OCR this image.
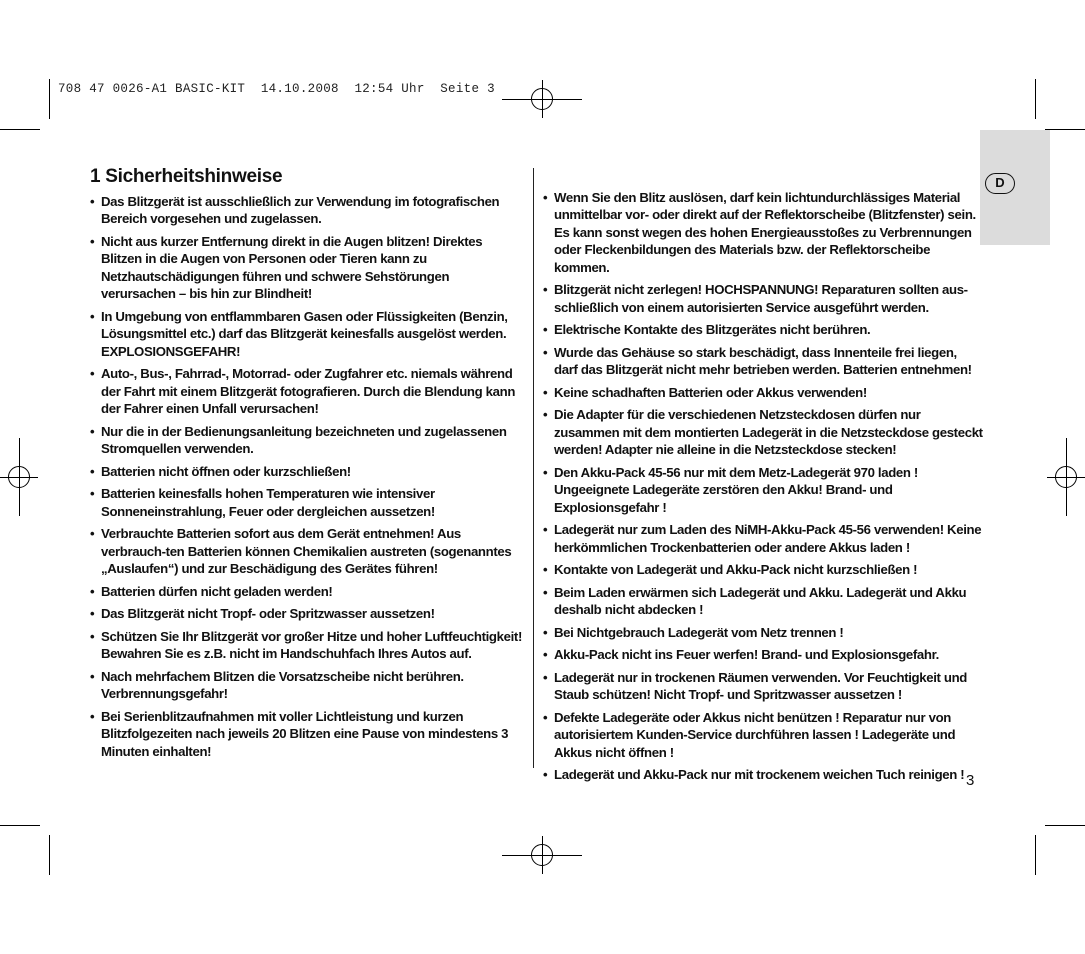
708 47 0026-A1 BASIC-KIT  14.10.2008  12:54 Uhr  Seite 3
D
1 Sicherheitshinweise
• Das Blitzgerät ist ausschließlich zur Verwendung im fotografischen Bereich vorgesehen und zugelassen.
• Nicht aus kurzer Entfernung direkt in die Augen blitzen! Direktes Blitzen in die Augen von Personen oder Tieren kann zu Netzhautschädigungen führen und schwere Sehstörungen verursachen – bis hin zur Blindheit!
• In Umgebung von entflammbaren Gasen oder Flüssigkeiten (Benzin, Lösungsmittel etc.) darf das Blitzgerät keinesfalls ausgelöst werden. EXPLOSIONSGEFAHR!
• Auto-, Bus-, Fahrrad-, Motorrad- oder Zugfahrer etc. niemals während der Fahrt mit einem Blitzgerät fotografieren. Durch die Blendung kann der Fahrer einen Unfall verursachen!
• Nur die in der Bedienungsanleitung bezeichneten und zugelassenen Stromquellen verwenden.
• Batterien nicht öffnen oder kurzschließen!
• Batterien keinesfalls hohen Temperaturen wie intensiver Sonneneinstrahlung, Feuer oder dergleichen aussetzen!
• Verbrauchte Batterien sofort aus dem Gerät entnehmen! Aus verbrauch-ten Batterien können Chemikalien austreten (sogenanntes „Auslaufen“) und zur Beschädigung des Gerätes führen!
• Batterien dürfen nicht geladen werden!
• Das Blitzgerät nicht Tropf- oder Spritzwasser aussetzen!
• Schützen Sie Ihr Blitzgerät vor großer Hitze und hoher Luftfeuchtigkeit! Bewahren Sie es z.B. nicht im Handschuhfach Ihres Autos auf.
• Nach mehrfachem Blitzen die Vorsatzscheibe nicht berühren. Verbrennungsgefahr!
• Bei Serienblitzaufnahmen mit voller Lichtleistung und kurzen Blitzfolgezeiten nach jeweils 20 Blitzen eine Pause von mindestens 3 Minuten einhalten!
• Wenn Sie den Blitz auslösen, darf kein lichtundurchlässiges Material unmittelbar vor- oder direkt auf der Reflektorscheibe (Blitzfenster) sein. Es kann sonst wegen des hohen Energieausstoßes zu Verbrennungen oder Fleckenbildungen des Materials bzw. der Reflektorscheibe kommen.
• Blitzgerät nicht zerlegen! HOCHSPANNUNG! Reparaturen sollten aus-schließlich von einem autorisierten Service ausgeführt werden.
• Elektrische Kontakte des Blitzgerätes nicht berühren.
• Wurde das Gehäuse so stark beschädigt, dass Innenteile frei liegen, darf das Blitzgerät nicht mehr betrieben werden. Batterien entnehmen!
• Keine schadhaften Batterien oder Akkus verwenden!
• Die Adapter für die verschiedenen Netzsteckdosen dürfen nur zusammen mit dem montierten Ladegerät in die Netzsteckdose gesteckt werden! Adapter nie alleine in die Netzsteckdose stecken!
• Den Akku-Pack 45-56 nur mit dem Metz-Ladegerät 970 laden ! Ungeeignete Ladegeräte zerstören den Akku! Brand- und Explosionsgefahr !
• Ladegerät nur zum Laden des NiMH-Akku-Pack 45-56 verwenden! Keine herkömmlichen Trockenbatterien oder andere Akkus laden !
• Kontakte von Ladegerät und Akku-Pack nicht kurzschließen !
• Beim Laden erwärmen sich Ladegerät und Akku. Ladegerät und Akku deshalb nicht abdecken !
• Bei Nichtgebrauch Ladegerät vom Netz trennen !
• Akku-Pack nicht ins Feuer werfen! Brand- und Explosionsgefahr.
• Ladegerät nur in trockenen Räumen verwenden. Vor Feuchtigkeit und Staub schützen! Nicht Tropf- und Spritzwasser aussetzen !
• Defekte Ladegeräte oder Akkus nicht benützen ! Reparatur nur von autorisiertem Kunden-Service durchführen lassen ! Ladegeräte und Akkus nicht öffnen !
• Ladegerät und Akku-Pack nur mit trockenem weichen Tuch reinigen ! 3
